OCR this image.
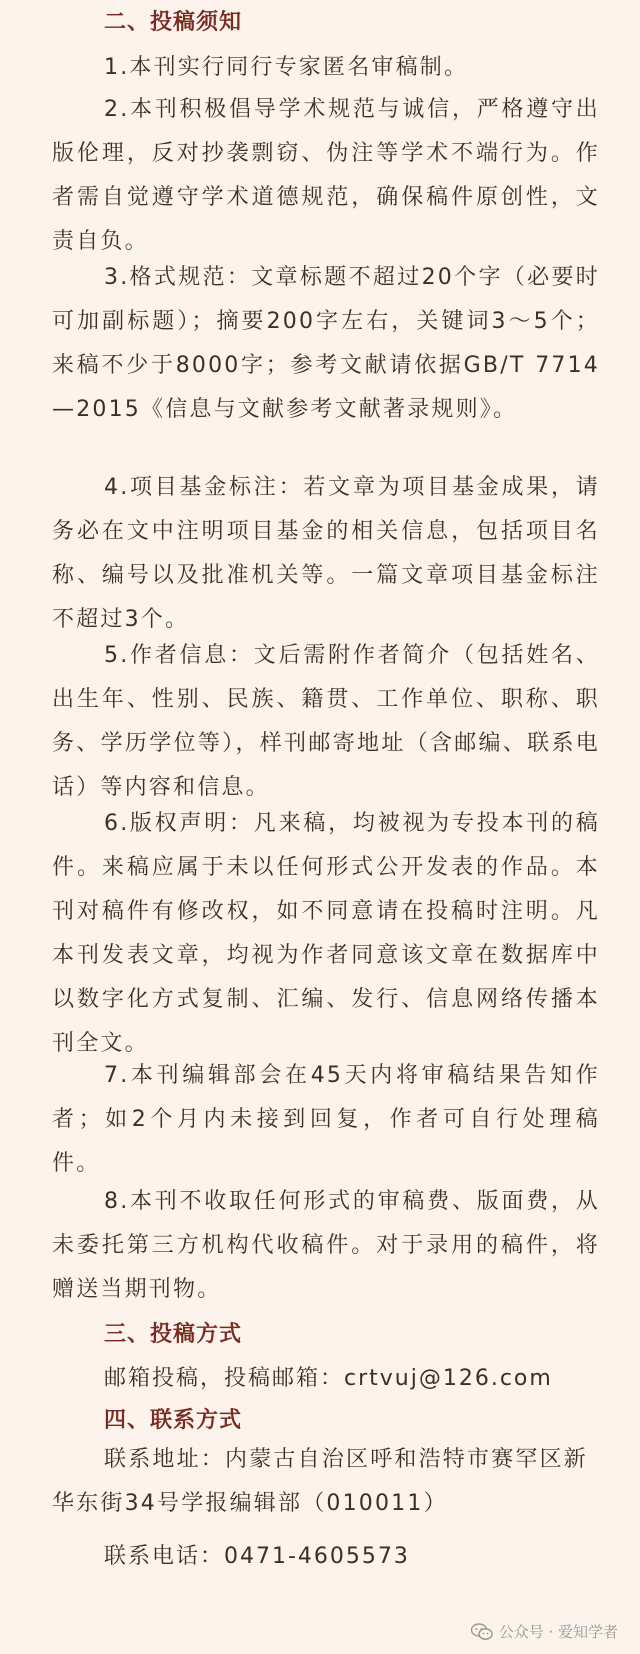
二、投稿须知

1.本刊实行同行专家匿名审稿制。

2.本刊积极倡导学术规范与诚信，严格遵守出版伦理，反对抄袭剽窃、伪注等学术不端行为。作者需自觉遵守学术道德规范，确保稿件原创性，文责自负。

3.格式规范：文章标题不超过20个字（必要时可加副标题）；摘要200字左右，关键词3～5个；来稿不少于8000字；参考文献请依据GB/T 7714—2015《信息与文献参考文献著录规则》。

4.项目基金标注：若文章为项目基金成果，请务必在文中注明项目基金的相关信息，包括项目名称、编号以及批准机关等。一篇文章项目基金标注不超过3个。

5.作者信息：文后需附作者简介（包括姓名、出生年、性别、民族、籍贯、工作单位、职称、职务、学历学位等），样刊邮寄地址（含邮编、联系电话）等内容和信息。

6.版权声明：凡来稿，均被视为专投本刊的稿件。来稿应属于未以任何形式公开发表的作品。本刊对稿件有修改权，如不同意请在投稿时注明。凡本刊发表文章，均视为作者同意该文章在数据库中以数字化方式复制、汇编、发行、信息网络传播本刊全文。

7.本刊编辑部会在45天内将审稿结果告知作者；如2个月内未接到回复，作者可自行处理稿件。

8.本刊不收取任何形式的审稿费、版面费，从未委托第三方机构代收稿件。对于录用的稿件，将赠送当期刊物。

三、投稿方式

邮箱投稿，投稿邮箱：crtvuj@126.com

四、联系方式

联系地址：内蒙古自治区呼和浩特市赛罕区新华东街34号学报编辑部（010011）

联系电话：0471-4605573

公众号 · 爱知学者
